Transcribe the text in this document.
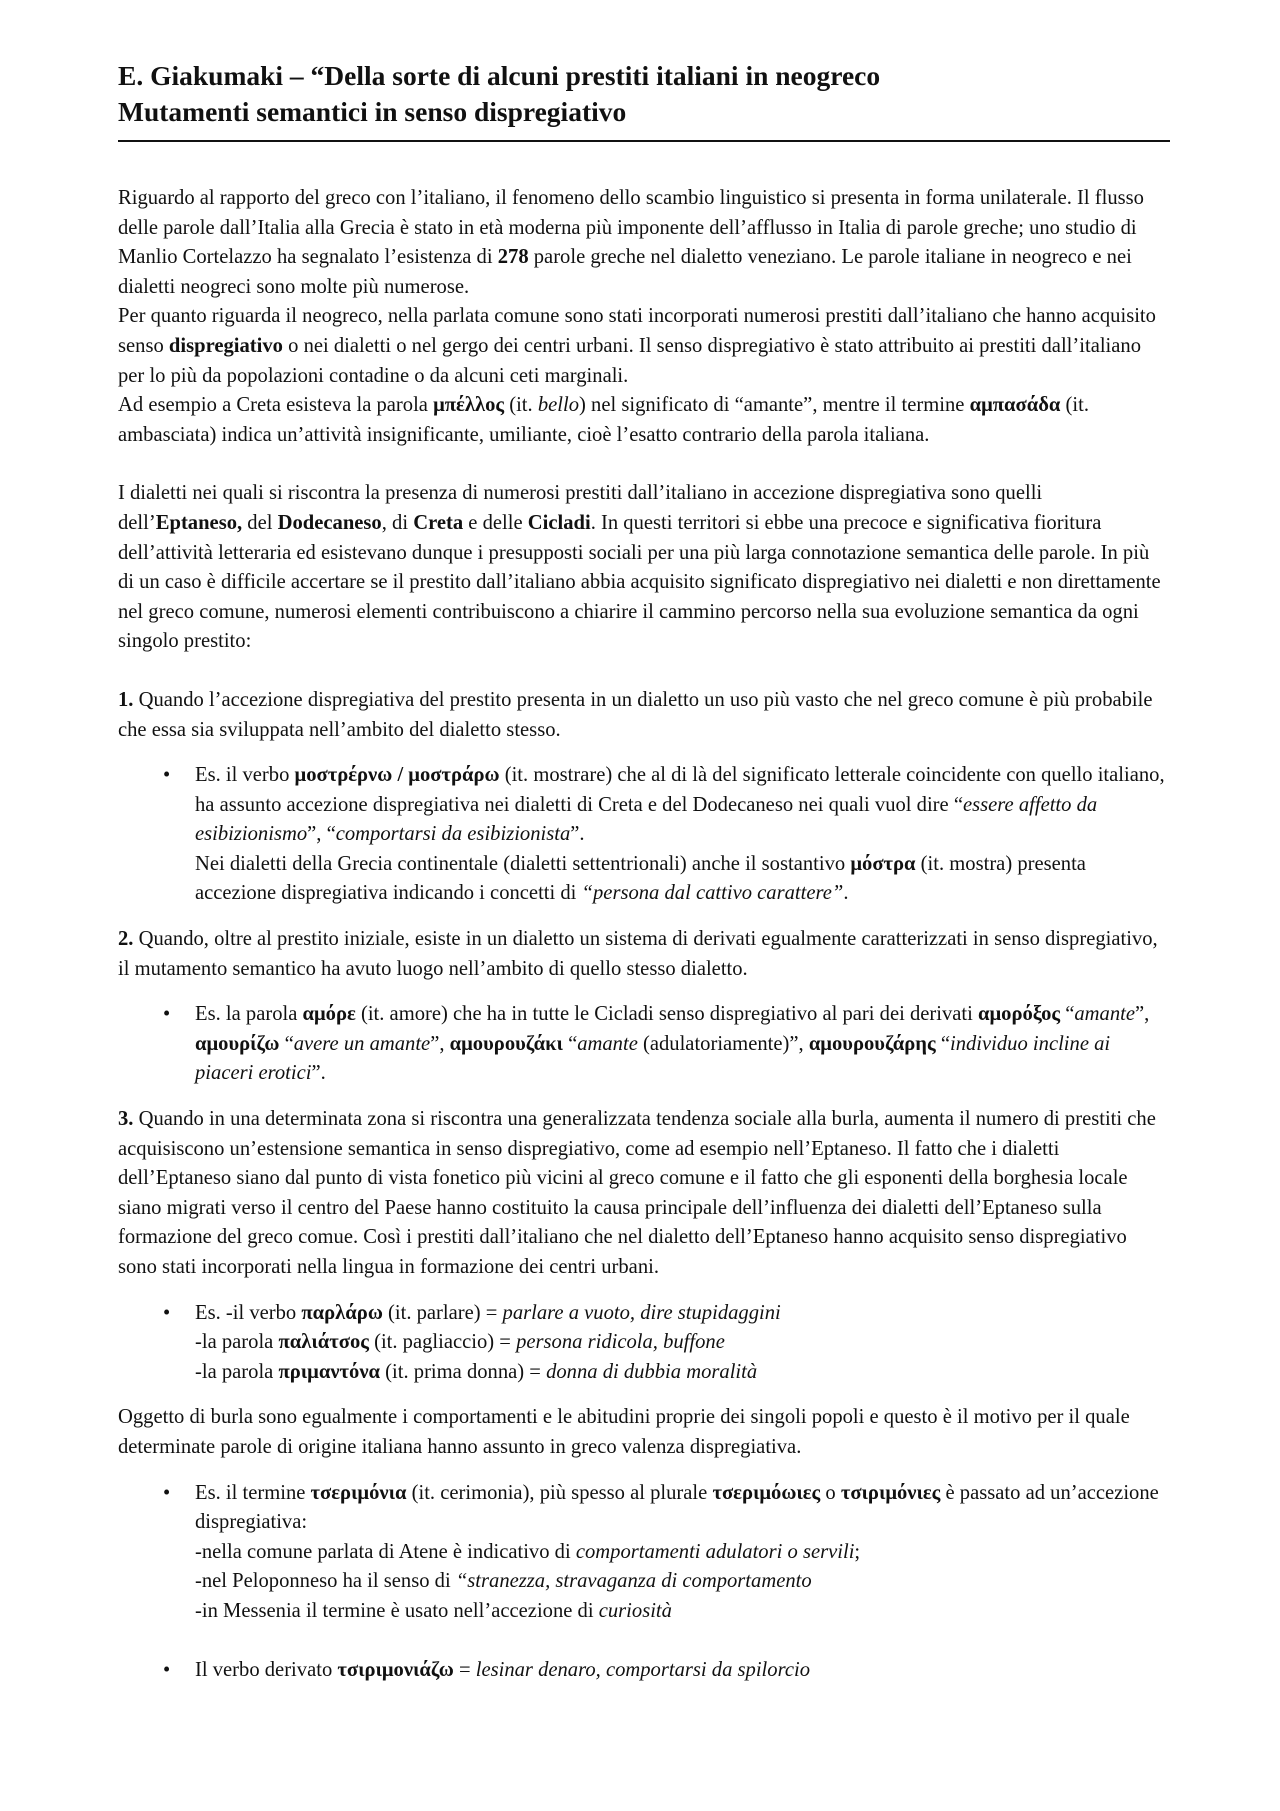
E. Giakumaki – “Della sorte di alcuni prestiti italiani in neogreco
Mutamenti semantici in senso dispregiativo

Riguardo al rapporto del greco con l’italiano, il fenomeno dello scambio linguistico si presenta in forma unilaterale. Il flusso delle parole dall’Italia alla Grecia è stato in età moderna più imponente dell’afflusso in Italia di parole greche; uno studio di Manlio Cortelazzo ha segnalato l’esistenza di 278 parole greche nel dialetto veneziano. Le parole italiane in neogreco e nei dialetti neogreci sono molte più numerose.

Per quanto riguarda il neogreco, nella parlata comune sono stati incorporati numerosi prestiti dall’italiano che hanno acquisito senso dispregiativo o nei dialetti o nel gergo dei centri urbani. Il senso dispregiativo è stato attribuito ai prestiti dall’italiano per lo più da popolazioni contadine o da alcuni ceti marginali.

Ad esempio a Creta esisteva la parola μπέλλος (it. bello) nel significato di “amante”, mentre il termine αμπασάδα (it. ambasciata) indica un’attività insignificante, umiliante, cioè l’esatto contrario della parola italiana.

I dialetti nei quali si riscontra la presenza di numerosi prestiti dall’italiano in accezione dispregiativa sono quelli dell’Eptaneso, del Dodecaneso, di Creta e delle Cicladi. In questi territori si ebbe una precoce e significativa fioritura dell’attività letteraria ed esistevano dunque i presupposti sociali per una più larga connotazione semantica delle parole. In più di un caso è difficile accertare se il prestito dall’italiano abbia acquisito significato dispregiativo nei dialetti e non direttamente nel greco comune, numerosi elementi contribuiscono a chiarire il cammino percorso nella sua evoluzione semantica da ogni singolo prestito:

1. Quando l’accezione dispregiativa del prestito presenta in un dialetto un uso più vasto che nel greco comune è più probabile che essa sia sviluppata nell’ambito del dialetto stesso.

• Es. il verbo μοστρέρνω / μοστράρω (it. mostrare) che al di là del significato letterale coincidente con quello italiano, ha assunto accezione dispregiativa nei dialetti di Creta e del Dodecaneso nei quali vuol dire “essere affetto da esibizionismo”, “comportarsi da esibizionista”.
Nei dialetti della Grecia continentale (dialetti settentrionali) anche il sostantivo μόστρα (it. mostra) presenta accezione dispregiativa indicando i concetti di “persona dal cattivo carattere”.

2. Quando, oltre al prestito iniziale, esiste in un dialetto un sistema di derivati egualmente caratterizzati in senso dispregiativo, il mutamento semantico ha avuto luogo nell’ambito di quello stesso dialetto.

• Es. la parola αμόρε (it. amore) che ha in tutte le Cicladi senso dispregiativo al pari dei derivati αμορόξος “amante”, αμουρίζω “avere un amante”, αμουρουζάκι “amante (adulatoriamente)”, αμουρουζάρης “individuo incline ai piaceri erotici”.

3. Quando in una determinata zona si riscontra una generalizzata tendenza sociale alla burla, aumenta il numero di prestiti che acquisiscono un’estensione semantica in senso dispregiativo, come ad esempio nell’Eptaneso. Il fatto che i dialetti dell’Eptaneso siano dal punto di vista fonetico più vicini al greco comune e il fatto che gli esponenti della borghesia locale siano migrati verso il centro del Paese hanno costituito la causa principale dell’influenza dei dialetti dell’Eptaneso sulla formazione del greco comue. Così i prestiti dall’italiano che nel dialetto dell’Eptaneso hanno acquisito senso dispregiativo sono stati incorporati nella lingua in formazione dei centri urbani.

• Es. -il verbo παρλάρω (it. parlare) = parlare a vuoto, dire stupidaggini
-la parola παλιάτσος (it. pagliaccio) = persona ridicola, buffone
-la parola πριμαντόνα (it. prima donna) = donna di dubbia moralità

Oggetto di burla sono egualmente i comportamenti e le abitudini proprie dei singoli popoli e questo è il motivo per il quale determinate parole di origine italiana hanno assunto in greco valenza dispregiativa.

• Es. il termine τσεριμόνια (it. cerimonia), più spesso al plurale τσεριμόωιες o τσιριμόνιες è passato ad un’accezione dispregiativa:
-nella comune parlata di Atene è indicativo di comportamenti adulatori o servili;
-nel Peloponneso ha il senso di “stranezza, stravaganza di comportamento
-in Messenia il termine è usato nell’accezione di curiosità
• Il verbo derivato τσιριμονιάζω = lesinar denaro, comportarsi da spilorcio
